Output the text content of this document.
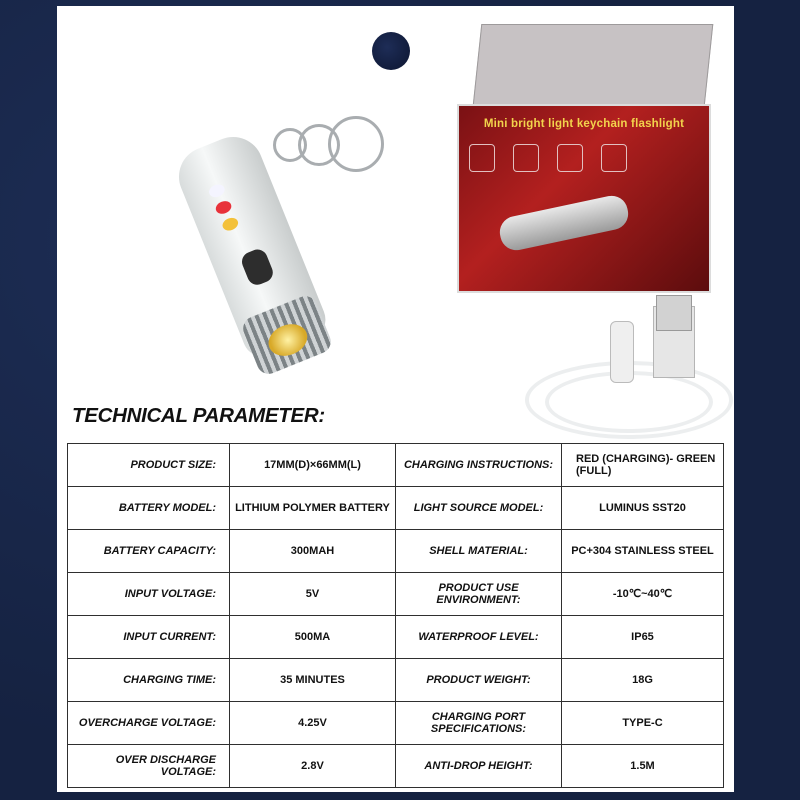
Mini bright light keychain flashlight
TECHNICAL PARAMETER:
PRODUCT SIZE:	17MM(D)×66MM(L)	CHARGING INSTRUCTIONS:	RED (CHARGING)- GREEN (FULL)
BATTERY MODEL:	LITHIUM POLYMER BATTERY	LIGHT SOURCE MODEL:	LUMINUS SST20
BATTERY CAPACITY:	300MAH	SHELL MATERIAL:	PC+304 STAINLESS STEEL
INPUT VOLTAGE:	5V	PRODUCT USE ENVIRONMENT:	-10℃~40℃
INPUT CURRENT:	500MA	WATERPROOF LEVEL:	IP65
CHARGING TIME:	35 MINUTES	PRODUCT WEIGHT:	18G
OVERCHARGE VOLTAGE:	4.25V	CHARGING PORT SPECIFICATIONS:	TYPE-C
OVER DISCHARGE VOLTAGE:	2.8V	ANTI-DROP HEIGHT:	1.5M
